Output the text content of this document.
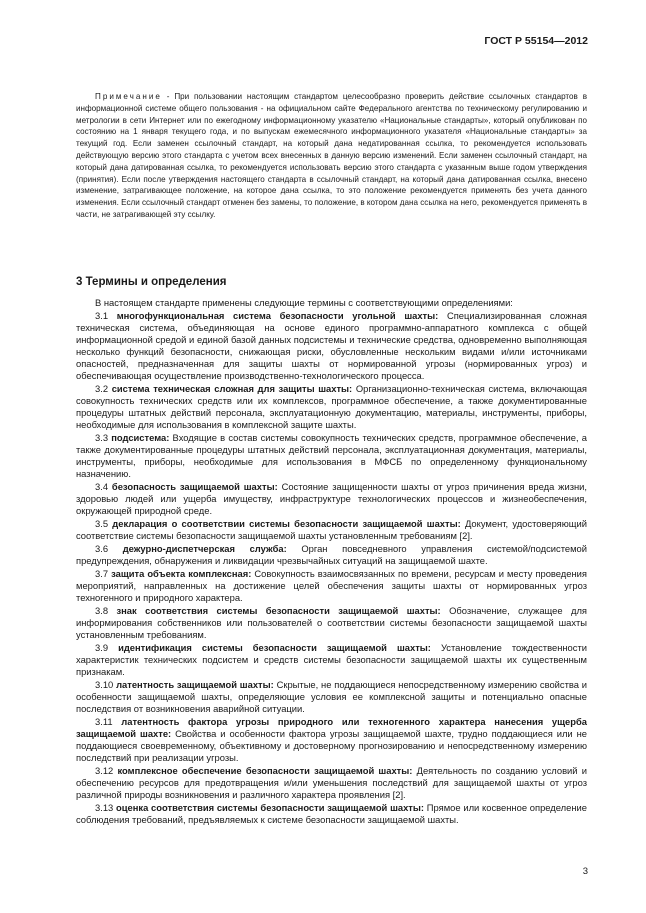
ГОСТ Р 55154—2012

Примечание - При пользовании настоящим стандартом целесообразно проверить действие ссылочных стандартов в информационной системе общего пользования - на официальном сайте Федерального агентства по техническому регулированию и метрологии в сети Интернет или по ежегодному информационному указателю «Национальные стандарты», который опубликован по состоянию на 1 января текущего года, и по выпускам ежемесячного информационного указателя «Национальные стандарты» за текущий год. Если заменен ссылочный стандарт, на который дана недатированная ссылка, то рекомендуется использовать действующую версию этого стандарта с учетом всех внесенных в данную версию изменений. Если заменен ссылочный стандарт, на который дана датированная ссылка, то рекомендуется использовать версию этого стандарта с указанным выше годом утверждения (принятия). Если после утверждения настоящего стандарта в ссылочный стандарт, на который дана датированная ссылка, внесено изменение, затрагивающее положение, на которое дана ссылка, то это положение рекомендуется применять без учета данного изменения. Если ссылочный стандарт отменен без замены, то положение, в котором дана ссылка на него, рекомендуется применять в части, не затрагивающей эту ссылку.

3 Термины и определения

В настоящем стандарте применены следующие термины с соответствующими определениями:

3.1 многофункциональная система безопасности угольной шахты: Специализированная сложная техническая система, объединяющая на основе единого программно-аппаратного комплекса с общей информационной средой и единой базой данных подсистемы и технические средства, одновременно выполняющая несколько функций безопасности, снижающая риски, обусловленные нескольким видами и/или источниками опасностей, предназначенная для защиты шахты от нормированной угрозы (нормированных угроз) и обеспечивающая осуществление производственно-технологического процесса.

3.2 система техническая сложная для защиты шахты: Организационно-техническая система, включающая совокупность технических средств или их комплексов, программное обеспечение, а также документированные процедуры штатных действий персонала, эксплуатационную документацию, материалы, инструменты, приборы, необходимые для использования в комплексной защите шахты.

3.3 подсистема: Входящие в состав системы совокупность технических средств, программное обеспечение, а также документированные процедуры штатных действий персонала, эксплуатационная документация, материалы, инструменты, приборы, необходимые для использования в МФСБ по определенному функциональному назначению.

3.4 безопасность защищаемой шахты: Состояние защищенности шахты от угроз причинения вреда жизни, здоровью людей или ущерба имуществу, инфраструктуре технологических процессов и жизнеобеспечения, окружающей природной среде.

3.5 декларация о соответствии системы безопасности защищаемой шахты: Документ, удостоверяющий соответствие системы безопасности защищаемой шахты установленным требованиям [2].

3.6 дежурно-диспетчерская служба: Орган повседневного управления системой/подсистемой предупреждения, обнаружения и ликвидации чрезвычайных ситуаций на защищаемой шахте.

3.7 защита объекта комплексная: Совокупность взаимосвязанных по времени, ресурсам и месту проведения мероприятий, направленных на достижение целей обеспечения защиты шахты от нормированных угроз техногенного и природного характера.

3.8 знак соответствия системы безопасности защищаемой шахты: Обозначение, служащее для информирования собственников или пользователей о соответствии системы безопасности защищаемой шахты установленным требованиям.

3.9 идентификация системы безопасности защищаемой шахты: Установление тождественности характеристик технических подсистем и средств системы безопасности защищаемой шахты их существенным признакам.

3.10 латентность защищаемой шахты: Скрытые, не поддающиеся непосредственному измерению свойства и особенности защищаемой шахты, определяющие условия ее комплексной защиты и потенциально опасные последствия от возникновения аварийной ситуации.

3.11 латентность фактора угрозы природного или техногенного характера нанесения ущерба защищаемой шахте: Свойства и особенности фактора угрозы защищаемой шахте, трудно поддающиеся или не поддающиеся своевременному, объективному и достоверному прогнозированию и непосредственному измерению последствий при реализации угрозы.

3.12 комплексное обеспечение безопасности защищаемой шахты: Деятельность по созданию условий и обеспечению ресурсов для предотвращения и/или уменьшения последствий для защищаемой шахты от угроз различной природы возникновения и различного характера проявления [2].

3.13 оценка соответствия системы безопасности защищаемой шахты: Прямое или косвенное определение соблюдения требований, предъявляемых к системе безопасности защищаемой шахты.

3
